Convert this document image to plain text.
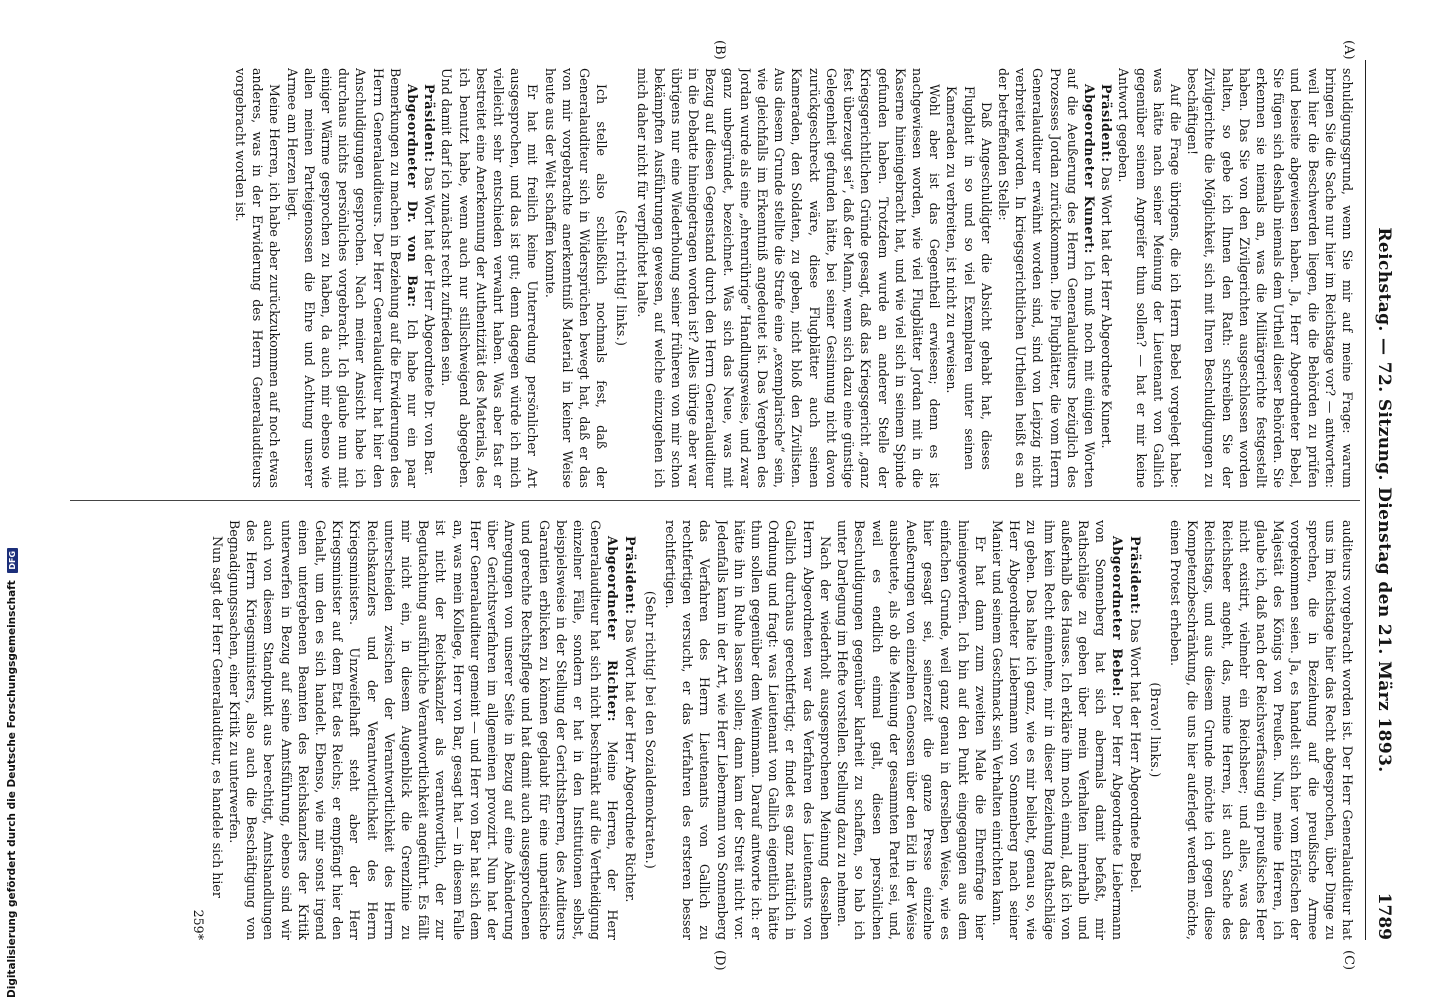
Reichstag. — 72. Sitzung. Dienstag den 21. März 1893.
1789
(A)
(B)
(C)
(D)

schuldigungsgrund, wenn Sie mir auf meine Frage: warum bringen Sie die Sache nur hier im Reichstage vor? — antworten: weil hier die Beschwerden liegen, die die Behörden zu prüfen und beiseite abgewiesen haben. Ja, Herr Abgeordneter Bebel, Sie fügen sich deshalb niemals dem Urtheil dieser Behörden. Sie erkennen sie niemals an, was die Militärgerichte festgestellt haben. Das Sie von den Zivilgerichten ausgeschlossen worden halten, so gebe ich Ihnen den Rath: schreiben Sie der Zivilgerichte die Möglichkeit, sich mit Ihren Beschuldigungen zu beschäftigen!

Auf die Frage übrigens, die ich Herrn Bebel vorgelegt habe: was hätte nach seiner Meinung der Lieutenant von Gallich gegenüber seinem Angreifer thun sollen? — hat er mir keine Antwort gegeben.

Präsident: Das Wort hat der Herr Abgeordnete Kunert.

Abgeordneter Kunert: Ich muß noch mit einigen Worten auf die Aeußerung des Herrn Generalauditeurs bezüglich des Prozesses Jordan zurückkommen. Die Flugblätter, die vom Herrn Generalauditeur erwähnt worden sind, sind von Leipzig nicht verbreitet worden. In kriegsgerichtlichen Urtheilen heißt es an der betreffenden Stelle:

Daß Angeschuldigter die Absicht gehabt hat, dieses Flugblatt in so und so viel Exemplaren unter seinen Kameraden zu verbreiten, ist nicht zu erweisen.

Wohl aber ist das Gegentheil erwiesen; denn es ist nachgewiesen worden, wie viel Flugblätter Jordan mit in die Kaserne hineingebracht hat, und wie viel sich in seinem Spinde gefunden haben. Trotzdem wurde an anderer Stelle der Kriegsgerichtlichen Gründe gesagt, daß das Kriegsgericht „ganz fest überzeugt sei“, daß der Mann, wenn sich dazu eine günstige Gelegenheit gefunden hätte, bei seiner Gesinnung nicht davon zurückgeschreckt wäre, diese Flugblätter auch seinen Kameraden, den Soldaten, zu geben, nicht bloß den Zivilisten. Aus diesem Grunde stellte die Strafe eine „exemplarische“ sein, wie gleichfalls im Erkenntniß angedeutet ist. Das Vergehen des Jordan wurde als eine „ehrenrührige“ Handlungsweise, und zwar ganz unbegründet, bezeichnet. Was sich das Neue, was mit Bezug auf diesen Gegenstand durch den Herrn Generalauditeur in die Debatte hineingetragen worden ist? Alles übrige aber war übrigens nur eine Wiederholung seiner früheren von mir schon bekämpften Ausführungen gewesen, auf welche einzugehen ich mich daher nicht für verpflichtet halte.

(Sehr richtig! links.)

Ich stelle also schließlich nochmals fest, daß der Generalauditeur sich in Widersprüchen bewegt hat, daß er das von mir vorgebrachte anerkenntniß Material in keiner Weise heute aus der Welt schaffen konnte.

Er hat mit freilich keine Unterredung persönlicher Art ausgesprochen, und das ist gut; denn dagegen würde ich mich vielleicht sehr entschieden verwahrt haben. Was aber fast er bestreitet eine Anerkennung der Authentizität des Materials, des ich benutzt habe, wenn auch nur stillschweigend abgegeben. Und damit darf ich zunächst recht zufrieden sein.

Präsident: Das Wort hat der Herr Abgeordnete Dr. von Bar.

Abgeordneter Dr. von Bar: Ich habe nur ein paar Bemerkungen zu machen in Beziehung auf die Erwiderungen des Herrn Generalauditeurs. Der Herr Generalauditeur hat hier den Anschuldigungen gesprochen. Nach meiner Ansicht habe ich durchaus nichts persönliches vorgebracht. Ich glaube nun mit einiger Wärme gesprochen zu haben, da auch mir ebenso wie allen meinen Parteigenossen die Ehre und Achtung unserer Armee am Herzen liegt.

Meine Herren, ich habe aber zurückzukommen auf noch etwas anderes, was in der Erwiderung des Herrn Generalauditeurs vorgebracht worden ist.

auditeurs vorgebracht worden ist. Der Herr Generalauditeur hat uns im Reichstage hier das Recht abgesprochen, über Dinge zu sprechen, die in Beziehung auf die preußische Armee vorgekommen seien. Ja, es handelt sich hier vom Erlöschen der Majestät des Königs von Preußen. Nun, meine Herren, ich glaube ich, daß nach der Reichsverfassung ein preußisches Heer nicht existirt, vielmehr ein Reichsheer; und alles, was das Reichsheer angeht, das, meine Herren, ist auch Sache des Reichstags, und aus diesem Grunde möchte ich gegen diese Kompetenzbeschränkung, die uns hier auferlegt werden möchte, einen Protest erheben.

(Bravo! links.)

Präsident: Das Wort hat der Herr Abgeordnete Bebel.

Abgeordneter Bebel: Der Herr Abgeordnete Liebermann von Sonnenberg hat sich abermals damit befaßt, mir Rathschläge zu geben über mein Verhalten innerhalb und außerhalb des Hauses. Ich erkläre ihm noch einmal, daß ich von ihm kein Recht einnehme, mir in dieser Beziehung Rathschläge zu geben. Das halte ich ganz, wie es mir beliebt, genau so, wie Herr Abgeordneter Liebermann von Sonnenberg nach seiner Manier und seinem Geschmack sein Verhalten einrichten kann.

Er hat dann zum zweiten Male die Ehrenfrage hier hineingeworfen. Ich bin auf den Punkt eingegangen aus dem einfachen Grunde, weil ganz genau in derselben Weise, wie es hier gesagt sei, seinerzeit die ganze Presse einzelne Aeußerungen von einzelnen Genossen über den Eid in der Weise ausbeutete, als ob die Meinung der gesammten Partei sei, und, weil es endlich einmal galt, diesen persönlichen Beschuldigungen gegenüber klarheit zu schaffen, so hab ich unter Darlegung im Hefte vorstellen. Stellung dazu zu nehmen.

Nach der wiederholt ausgesprochenen Meinung desselben Herrn Abgeordneten war das Verfahren des Lieutenants von Gallich durchaus gerechtfertigt; er findet es ganz natürlich in Ordnung und fragt: was Lieutenant von Gallich eigentlich hätte thun sollen gegenüber dem Weinmann. Darauf antworte ich: er hätte ihn in Ruhe lassen sollen; dann kam der Streit nicht vor. Jedenfalls kann in der Art, wie Herr Liebermann von Sonnenberg das Verfahren des Herrn Lieutenants von Gallich zu rechtfertigen versucht, er das Verfahren des ersteren besser rechtfertigen.

(Sehr richtig! bei den Sozialdemokraten.)

Präsident: Das Wort hat der Herr Abgeordnete Richter.

Abgeordneter Richter: Meine Herren, der Herr Generalauditeur hat sich nicht beschränkt auf die Vertheidigung einzelner Fälle, sondern er hat in den Institutionen selbst, beispielsweise in der Stellung der Gerichtsherren, des Auditeurs Garantien erblicken zu können geglaubt für eine unparteiische und gerechte Rechtspflege und hat damit auch ausgesprochenen Anregungen von unserer Seite in Bezug auf eine Abänderung über Gerichtsverfahren im allgemeinen provozirt. Nun hat der Herr Generalauditeur gemeint — und Herr von Bar hat sich dem an, was mein Kollege, Herr von Bar, gesagt hat — in diesem Falle ist nicht der Reichskanzler als verantwortlich, der zur Begutachtung ausführliche Verantwortlichkeit angeführt. Es fällt mir nicht ein, in diesem Augenblick die Grenzlinie zu unterscheiden zwischen der Verantwortlichkeit des Herrn Reichskanzlers und der Verantwortlichkeit des Herrn Kriegsministers. Unzweifelhaft steht aber der Herr Kriegsminister auf dem Etat des Reichs; er empfängt hier den Gehalt, um den es sich handelt. Ebenso, wie mir sonst irgend einen untergebenen Beamten des Reichskanzlers der Kritik unterwerfen in Bezug auf seine Amtsführung, ebenso sind wir auch von diesem Standpunkt aus berechtigt, Amtshandlungen des Herrn Kriegsministers, also auch die Beschäftigung von Begnadigungssachen, einer Kritik zu unterwerfen.

Nun sagt der Herr Generalauditeur, es handele sich hier

259*

Digitalisierung gefördert durch die Deutsche Forschungsgemeinschaft DFG
